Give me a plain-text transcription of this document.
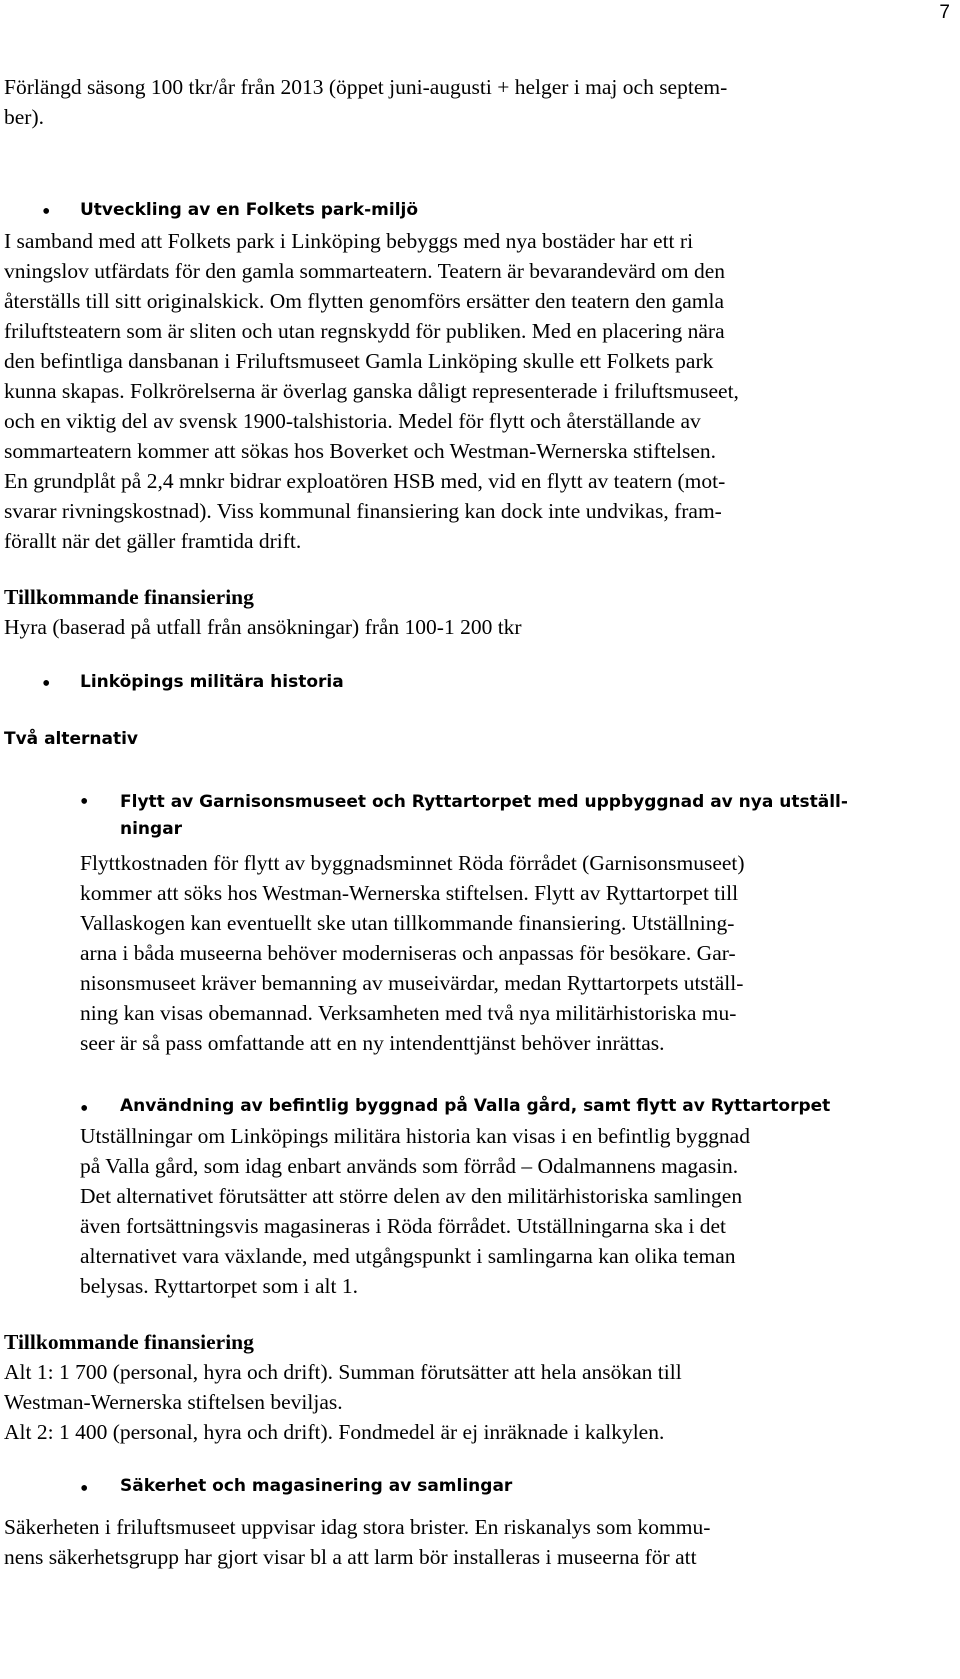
7
Förlängd säsong 100 tkr/år från 2013 (öppet juni-augusti + helger i maj och septem-
ber).
• Utveckling av en Folkets park-miljö
I samband med att Folkets park i Linköping bebyggs med nya bostäder har ett ri
vningslov utfärdats för den gamla sommarteatern. Teatern är bevarandevärd om den
återställs till sitt originalskick. Om flytten genomförs ersätter den teatern den gamla
friluftsteatern som är sliten och utan regnskydd för publiken. Med en placering nära
den befintliga dansbanan i Friluftsmuseet Gamla Linköping skulle ett Folkets park
kunna skapas. Folkrörelserna är överlag ganska dåligt representerade i friluftsmuseet,
och en viktig del av svensk 1900-talshistoria. Medel för flytt och återställande av
sommarteatern kommer att sökas hos Boverket och Westman-Wernerska stiftelsen.
En grundplåt på 2,4 mnkr bidrar exploatören HSB med, vid en flytt av teatern (mot-
svarar rivningskostnad). Viss kommunal finansiering kan dock inte undvikas, fram-
förallt när det gäller framtida drift.
Tillkommande finansiering
Hyra (baserad på utfall från ansökningar) från 100-1 200 tkr
• Linköpings militära historia
Två alternativ
• Flytt av Garnisonsmuseet och Ryttartorpet med uppbyggnad av nya utställ-
ningar
Flyttkostnaden för flytt av byggnadsminnet Röda förrådet (Garnisonsmuseet)
kommer att söks hos Westman-Wernerska stiftelsen. Flytt av Ryttartorpet till
Vallaskogen kan eventuellt ske utan tillkommande finansiering. Utställning-
arna i båda museerna behöver moderniseras och anpassas för besökare. Gar-
nisonsmuseet kräver bemanning av museivärdar, medan Ryttartorpets utställ-
ning kan visas obemannad. Verksamheten med två nya militärhistoriska mu-
seer är så pass omfattande att en ny intendenttjänst behöver inrättas.
• Användning av befintlig byggnad på Valla gård, samt flytt av Ryttartorpet
Utställningar om Linköpings militära historia kan visas i en befintlig byggnad
på Valla gård, som idag enbart används som förråd – Odalmannens magasin.
Det alternativet förutsätter att större delen av den militärhistoriska samlingen
även fortsättningsvis magasineras i Röda förrådet. Utställningarna ska i det
alternativet vara växlande, med utgångspunkt i samlingarna kan olika teman
belysas. Ryttartorpet som i alt 1.
Tillkommande finansiering
Alt 1: 1 700 (personal, hyra och drift). Summan förutsätter att hela ansökan till
Westman-Wernerska stiftelsen beviljas.
Alt 2: 1 400 (personal, hyra och drift). Fondmedel är ej inräknade i kalkylen.
• Säkerhet och magasinering av samlingar
Säkerheten i friluftsmuseet uppvisar idag stora brister. En riskanalys som kommu-
nens säkerhetsgrupp har gjort visar bl a att larm bör installeras i museerna för att
